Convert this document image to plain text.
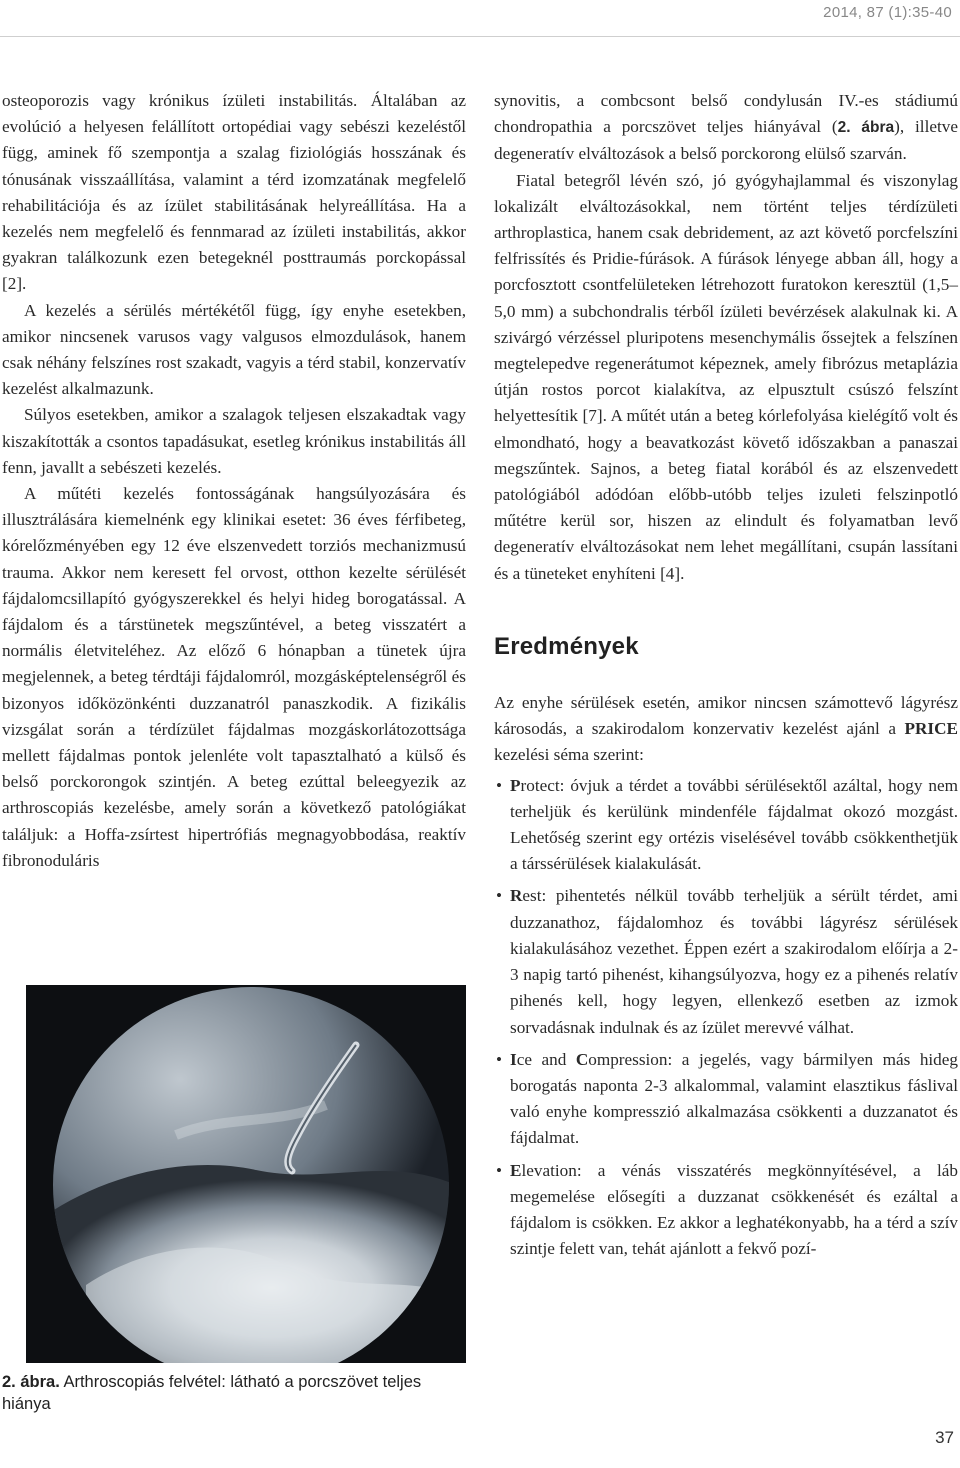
2014, 87 (1):35-40

osteoporozis vagy krónikus ízületi instabilitás. Általában az evolúció a helyesen felállított ortopédiai vagy sebészi kezeléstől függ, aminek fő szempontja a szalag fiziológiás hosszának és tónusának visszaállítása, valamint a térd izomzatának megfelelő rehabilitációja és az ízület stabilitásának helyreállítása. Ha a kezelés nem megfelelő és fennmarad az ízületi instabilitás, akkor gyakran találkozunk ezen betegeknél posttraumás porckopással [2].

A kezelés a sérülés mértékétől függ, így enyhe esetekben, amikor nincsenek varusos vagy valgusos elmozdulások, hanem csak néhány felszínes rost szakadt, vagyis a térd stabil, konzervatív kezelést alkalmazunk.

Súlyos esetekben, amikor a szalagok teljesen elszakadtak vagy kiszakították a csontos tapadásukat, esetleg krónikus instabilitás áll fenn, javallt a sebészeti kezelés.

A műtéti kezelés fontosságának hangsúlyozására és illusztrálására kiemelnénk egy klinikai esetet: 36 éves férfibeteg, kórelőzményében egy 12 éve elszenvedett torziós mechanizmusú trauma. Akkor nem keresett fel orvost, otthon kezelte sérülését fájdalomcsillapító gyógyszerekkel és helyi hideg borogatással. A fájdalom és a társtünetek megszűntével, a beteg visszatért a normális életviteléhez. Az előző 6 hónapban a tünetek újra megjelennek, a beteg térdtáji fájdalomról, mozgásképtelenségről és bizonyos időközönkénti duzzanatról panaszkodik. A fizikális vizsgálat során a térdízület fájdalmas mozgáskorlátozottsága mellett fájdalmas pontok jelenléte volt tapasztalható a külső és belső porckorongok szintjén. A beteg ezúttal beleegyezik az arthroscopiás kezelésbe, amely során a következő patológiákat találjuk: a Hoffa-zsírtest hipertrófiás megnagyobbodása, reaktív fibronoduláris

2. ábra. Arthroscopiás felvétel: látható a porcszövet teljes hiánya

synovitis, a combcsont belső condylusán IV.-es stádiumú chondropathia a porcszövet teljes hiányával (2. ábra), illetve degeneratív elváltozások a belső porckorong elülső szarván.

Fiatal betegről lévén szó, jó gyógyhajlammal és viszonylag lokalizált elváltozásokkal, nem történt teljes térdízületi arthroplastica, hanem csak debridement, az azt követő porcfelszíni felfrissítés és Pridie-fúrások. A fúrások lényege abban áll, hogy a porcfosztott csontfelületeken létrehozott furatokon keresztül (1,5–5,0 mm) a subchondralis térből ízületi bevérzések alakulnak ki. A szivárgó vérzéssel pluripotens mesenchymális őssejtek a felszínen megtelepedve regenerátumot képeznek, amely fibrózus metaplázia útján rostos porcot kialakítva, az elpusztult csúszó felszínt helyettesítik [7]. A műtét után a beteg kórlefolyása kielégítő volt és elmondható, hogy a beavatkozást követő időszakban a panaszai megszűntek. Sajnos, a beteg fiatal korából és az elszenvedett patológiából adódóan előbb-utóbb teljes izuleti felszinpotló műtétre kerül sor, hiszen az elindult és folyamatban levő degeneratív elváltozásokat nem lehet megállítani, csupán lassítani és a tüneteket enyhíteni [4].

Eredmények

Az enyhe sérülések esetén, amikor nincsen számottevő lágyrész károsodás, a szakirodalom konzervativ kezelést ajánl a PRICE kezelési séma szerint:

• Protect: óvjuk a térdet a további sérülésektől azáltal, hogy nem terheljük és kerülünk mindenféle fájdalmat okozó mozgást. Lehetőség szerint egy ortézis viselésével tovább csökkenthetjük a társsérülések kialakulását.
• Rest: pihentetés nélkül tovább terheljük a sérült térdet, ami duzzanathoz, fájdalomhoz és további lágyrész sérülések kialakulásához vezethet. Éppen ezért a szakirodalom előírja a 2-3 napig tartó pihenést, kihangsúlyozva, hogy ez a pihenés relatív pihenés kell, hogy legyen, ellenkező esetben az izmok sorvadásnak indulnak és az ízület merevvé válhat.
• Ice and Compression: a jegelés, vagy bármilyen más hideg borogatás naponta 2-3 alkalommal, valamint elasztikus fáslival való enyhe kompresszió alkalmazása csökkenti a duzzanatot és fájdalmat.
• Elevation: a vénás visszatérés megkönnyítésével, a láb megemelése elősegíti a duzzanat csökkenését és ezáltal a fájdalom is csökken. Ez akkor a leghatékonyabb, ha a térd a szív szintje felett van, tehát ajánlott a fekvő pozí-
37
